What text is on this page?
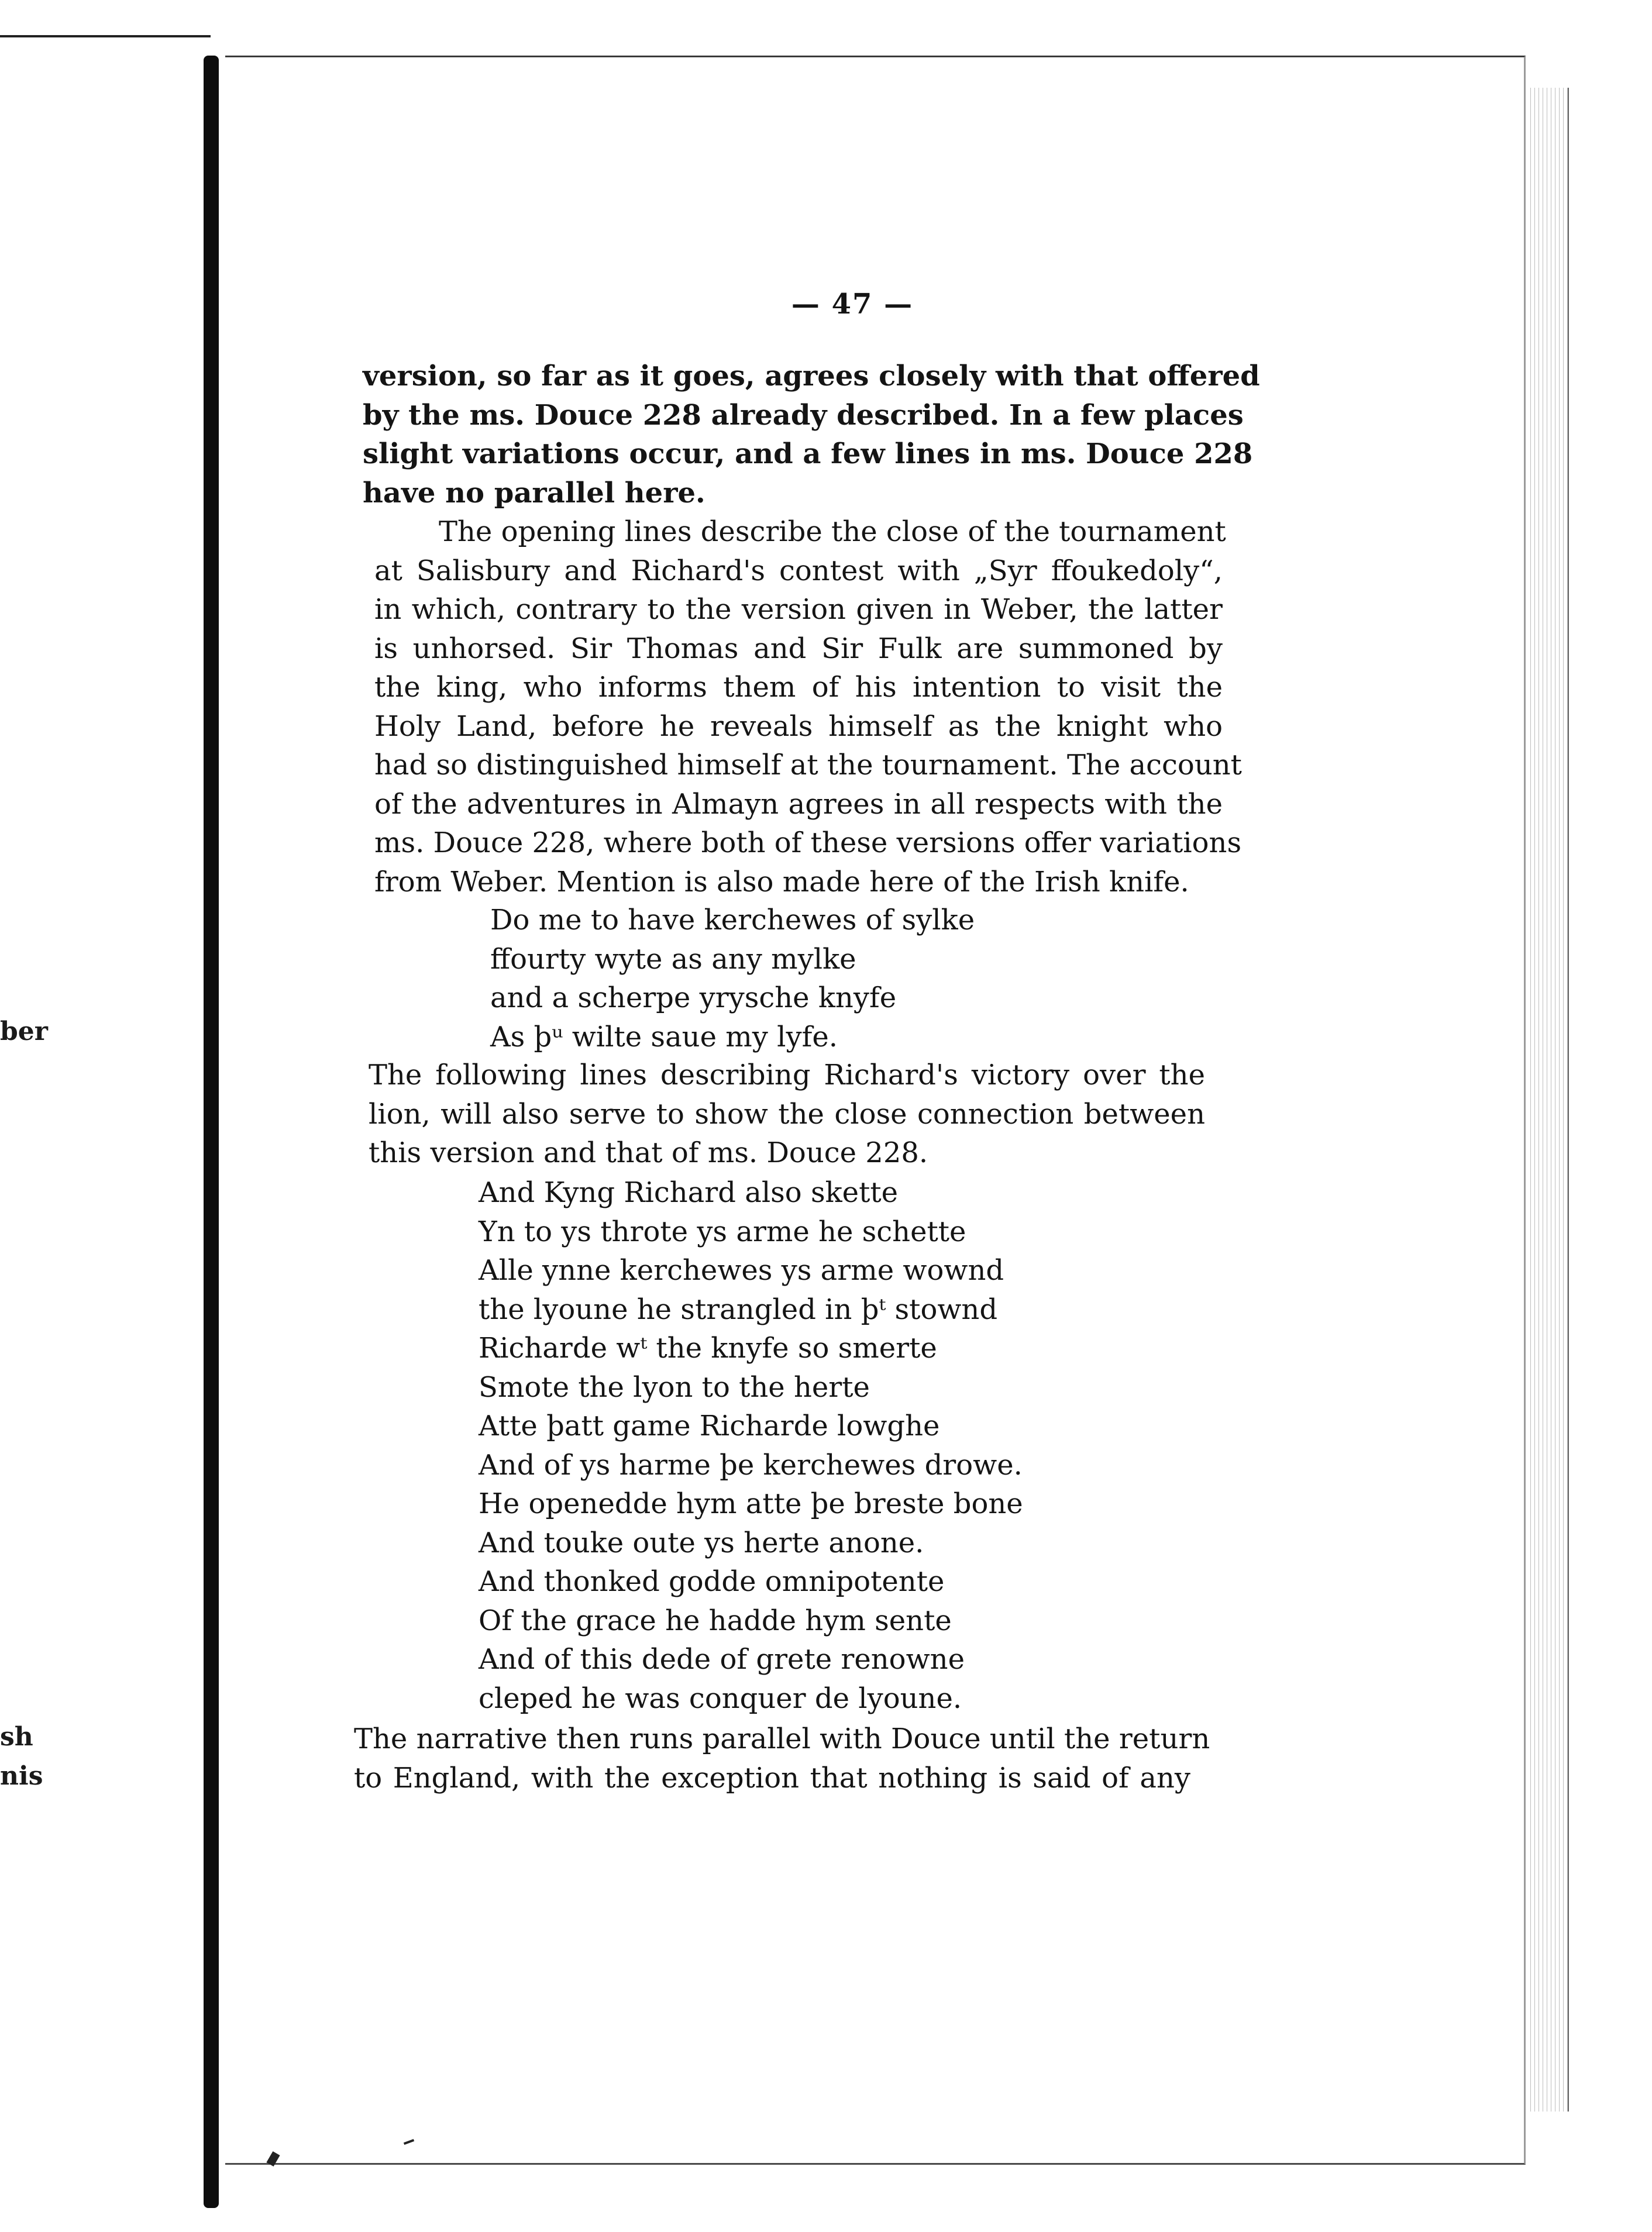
ber
sh
nis
— 47 —
version, so far as it goes, agrees closely with that offered
by the ms. Douce 228 already described. In a few places
slight variations occur, and a few lines in ms. Douce 228
have no parallel here.
The opening lines describe the close of the tournament
at Salisbury and Richard's contest with „Syr ffoukedoly“,
in which, contrary to the version given in Weber, the latter
is unhorsed. Sir Thomas and Sir Fulk are summoned by
the king, who informs them of his intention to visit the
Holy Land, before he reveals himself as the knight who
had so distinguished himself at the tournament. The account
of the adventures in Almayn agrees in all respects with the
ms. Douce 228, where both of these versions offer variations
from Weber. Mention is also made here of the Irish knife.
Do me to have kerchewes of sylke
ffourty wyte as any mylke
and a scherpe yrysche knyfe
As þᵘ wilte saue my lyfe.
The following lines describing Richard's victory over the
lion, will also serve to show the close connection between
this version and that of ms. Douce 228.
And Kyng Richard also skette
Yn to ys throte ys arme he schette
Alle ynne kerchewes ys arme wownd
the lyoune he strangled in þᵗ stownd
Richarde wᵗ the knyfe so smerte
Smote the lyon to the herte
Atte þatt game Richarde lowghe
And of ys harme þe kerchewes drowe.
He openedde hym atte þe breste bone
And touke oute ys herte anone.
And thonked godde omnipotente
Of the grace he hadde hym sente
And of this dede of grete renowne
cleped he was conquer de lyoune.
The narrative then runs parallel with Douce until the return
to England, with the exception that nothing is said of any
